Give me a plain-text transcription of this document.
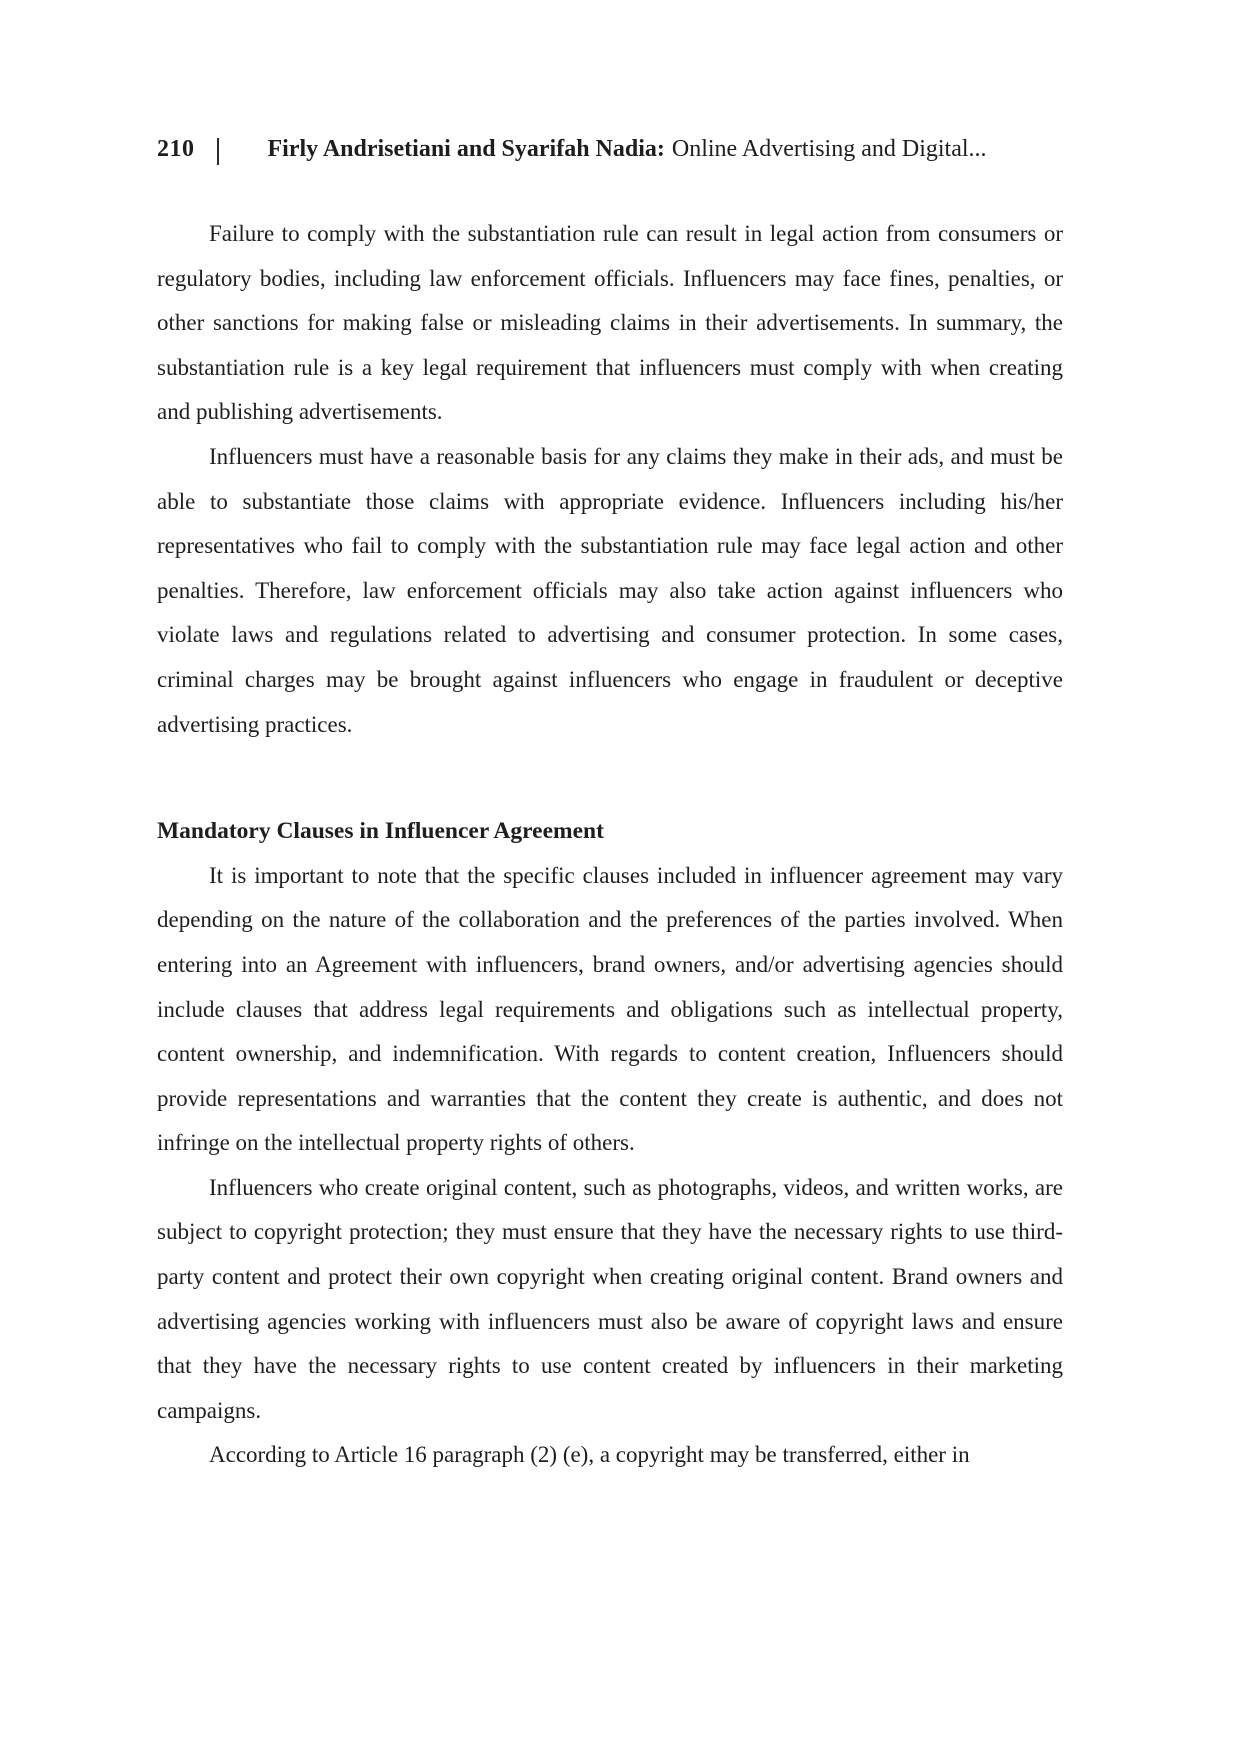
210	Firly Andrisetiani and Syarifah Nadia: Online Advertising and Digital...

Failure to comply with the substantiation rule can result in legal action from consumers or regulatory bodies, including law enforcement officials. Influencers may face fines, penalties, or other sanctions for making false or misleading claims in their advertisements. In summary, the substantiation rule is a key legal requirement that influencers must comply with when creating and publishing advertisements.

Influencers must have a reasonable basis for any claims they make in their ads, and must be able to substantiate those claims with appropriate evidence. Influencers including his/her representatives who fail to comply with the substantiation rule may face legal action and other penalties. Therefore, law enforcement officials may also take action against influencers who violate laws and regulations related to advertising and consumer protection. In some cases, criminal charges may be brought against influencers who engage in fraudulent or deceptive advertising practices.

Mandatory Clauses in Influencer Agreement

It is important to note that the specific clauses included in influencer agreement may vary depending on the nature of the collaboration and the preferences of the parties involved. When entering into an Agreement with influencers, brand owners, and/or advertising agencies should include clauses that address legal requirements and obligations such as intellectual property, content ownership, and indemnification. With regards to content creation, Influencers should provide representations and warranties that the content they create is authentic, and does not infringe on the intellectual property rights of others.

Influencers who create original content, such as photographs, videos, and written works, are subject to copyright protection; they must ensure that they have the necessary rights to use third-party content and protect their own copyright when creating original content. Brand owners and advertising agencies working with influencers must also be aware of copyright laws and ensure that they have the necessary rights to use content created by influencers in their marketing campaigns.

According to Article 16 paragraph (2) (e), a copyright may be transferred, either in
